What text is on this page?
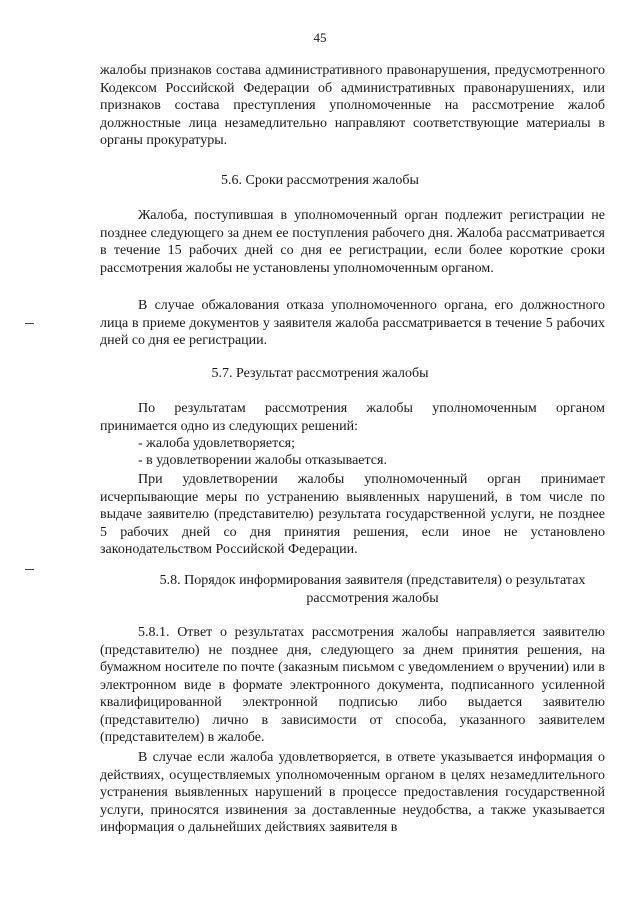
45

жалобы признаков состава административного правонарушения, предусмотренного Кодексом Российской Федерации об административных правонарушениях, или признаков состава преступления уполномоченные на рассмотрение жалоб должностные лица незамедлительно направляют соответствующие материалы в органы прокуратуры.

5.6. Сроки рассмотрения жалобы

Жалоба, поступившая в уполномоченный орган подлежит регистрации не позднее следующего за днем ее поступления рабочего дня. Жалоба рассматривается в течение 15 рабочих дней со дня ее регистрации, если более короткие сроки рассмотрения жалобы не установлены уполномоченным органом.

В случае обжалования отказа уполномоченного органа, его должностного лица в приеме документов у заявителя жалоба рассматривается в течение 5 рабочих дней со дня ее регистрации.

5.7. Результат рассмотрения жалобы

По результатам рассмотрения жалобы уполномоченным органом принимается одно из следующих решений:

- жалоба удовлетворяется;

- в удовлетворении жалобы отказывается.

При удовлетворении жалобы уполномоченный орган принимает исчерпывающие меры по устранению выявленных нарушений, в том числе по выдаче заявителю (представителю) результата государственной услуги, не позднее 5 рабочих дней со дня принятия решения, если иное не установлено законодательством Российской Федерации.

5.8. Порядок информирования заявителя (представителя) о результатах

рассмотрения жалобы

5.8.1. Ответ о результатах рассмотрения жалобы направляется заявителю (представителю) не позднее дня, следующего за днем принятия решения, на бумажном носителе по почте (заказным письмом с уведомлением о вручении) или в электронном виде в формате электронного документа, подписанного усиленной квалифицированной электронной подписью либо выдается заявителю (представителю) лично в зависимости от способа, указанного заявителем (представителем) в жалобе.

В случае если жалоба удовлетворяется, в ответе указывается информация о действиях, осуществляемых уполномоченным органом в целях незамедлительного устранения выявленных нарушений в процессе предоставления государственной услуги, приносятся извинения за доставленные неудобства, а также указывается информация о дальнейших действиях заявителя в
